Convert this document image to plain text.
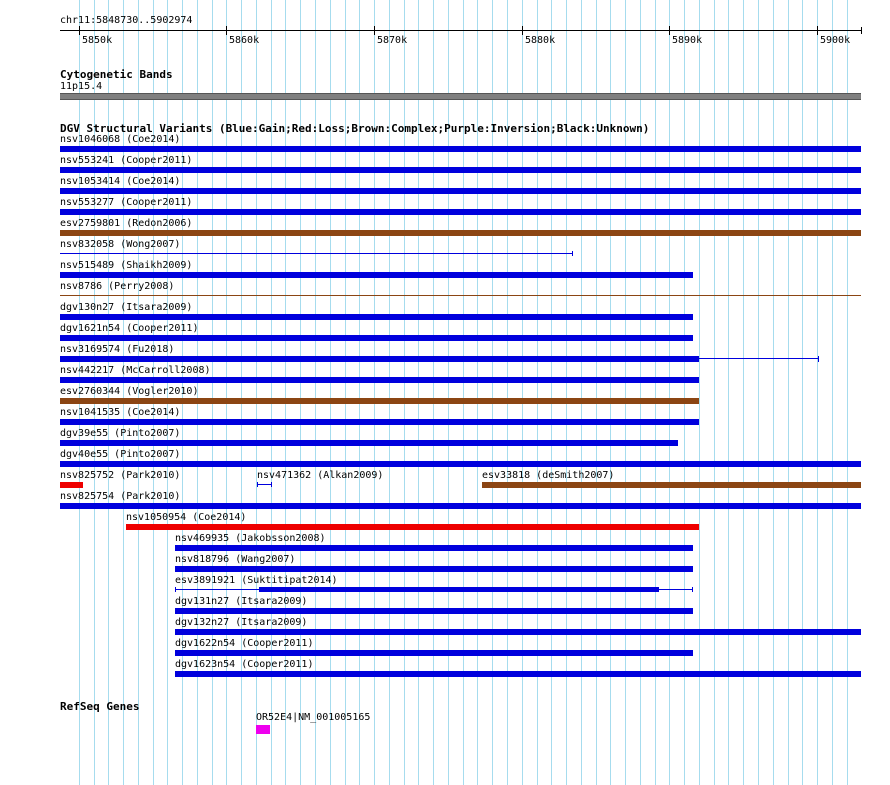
chr11:5848730..5902974
5850k	5860k	5870k	5880k	5890k	5900k
Cytogenetic Bands
11p15.4
DGV Structural Variants (Blue:Gain;Red:Loss;Brown:Complex;Purple:Inversion;Black:Unknown)
nsv1046068 (Coe2014)
nsv553241 (Cooper2011)
nsv1053414 (Coe2014)
nsv553277 (Cooper2011)
esv2759801 (Redon2006)
nsv832058 (Wong2007)
nsv515489 (Shaikh2009)
nsv8786 (Perry2008)
dgv130n27 (Itsara2009)
dgv1621n54 (Cooper2011)
nsv3169574 (Fu2018)
nsv442217 (McCarroll2008)
esv2760344 (Vogler2010)
nsv1041535 (Coe2014)
dgv39e55 (Pinto2007)
dgv40e55 (Pinto2007)
nsv825752 (Park2010)	nsv471362 (Alkan2009)	esv33818 (deSmith2007)
nsv825754 (Park2010)
nsv1050954 (Coe2014)
nsv469935 (Jakobsson2008)
nsv818796 (Wang2007)
esv3891921 (Suktitipat2014)
dgv131n27 (Itsara2009)
dgv132n27 (Itsara2009)
dgv1622n54 (Cooper2011)
dgv1623n54 (Cooper2011)
RefSeq Genes
OR52E4|NM_001005165
